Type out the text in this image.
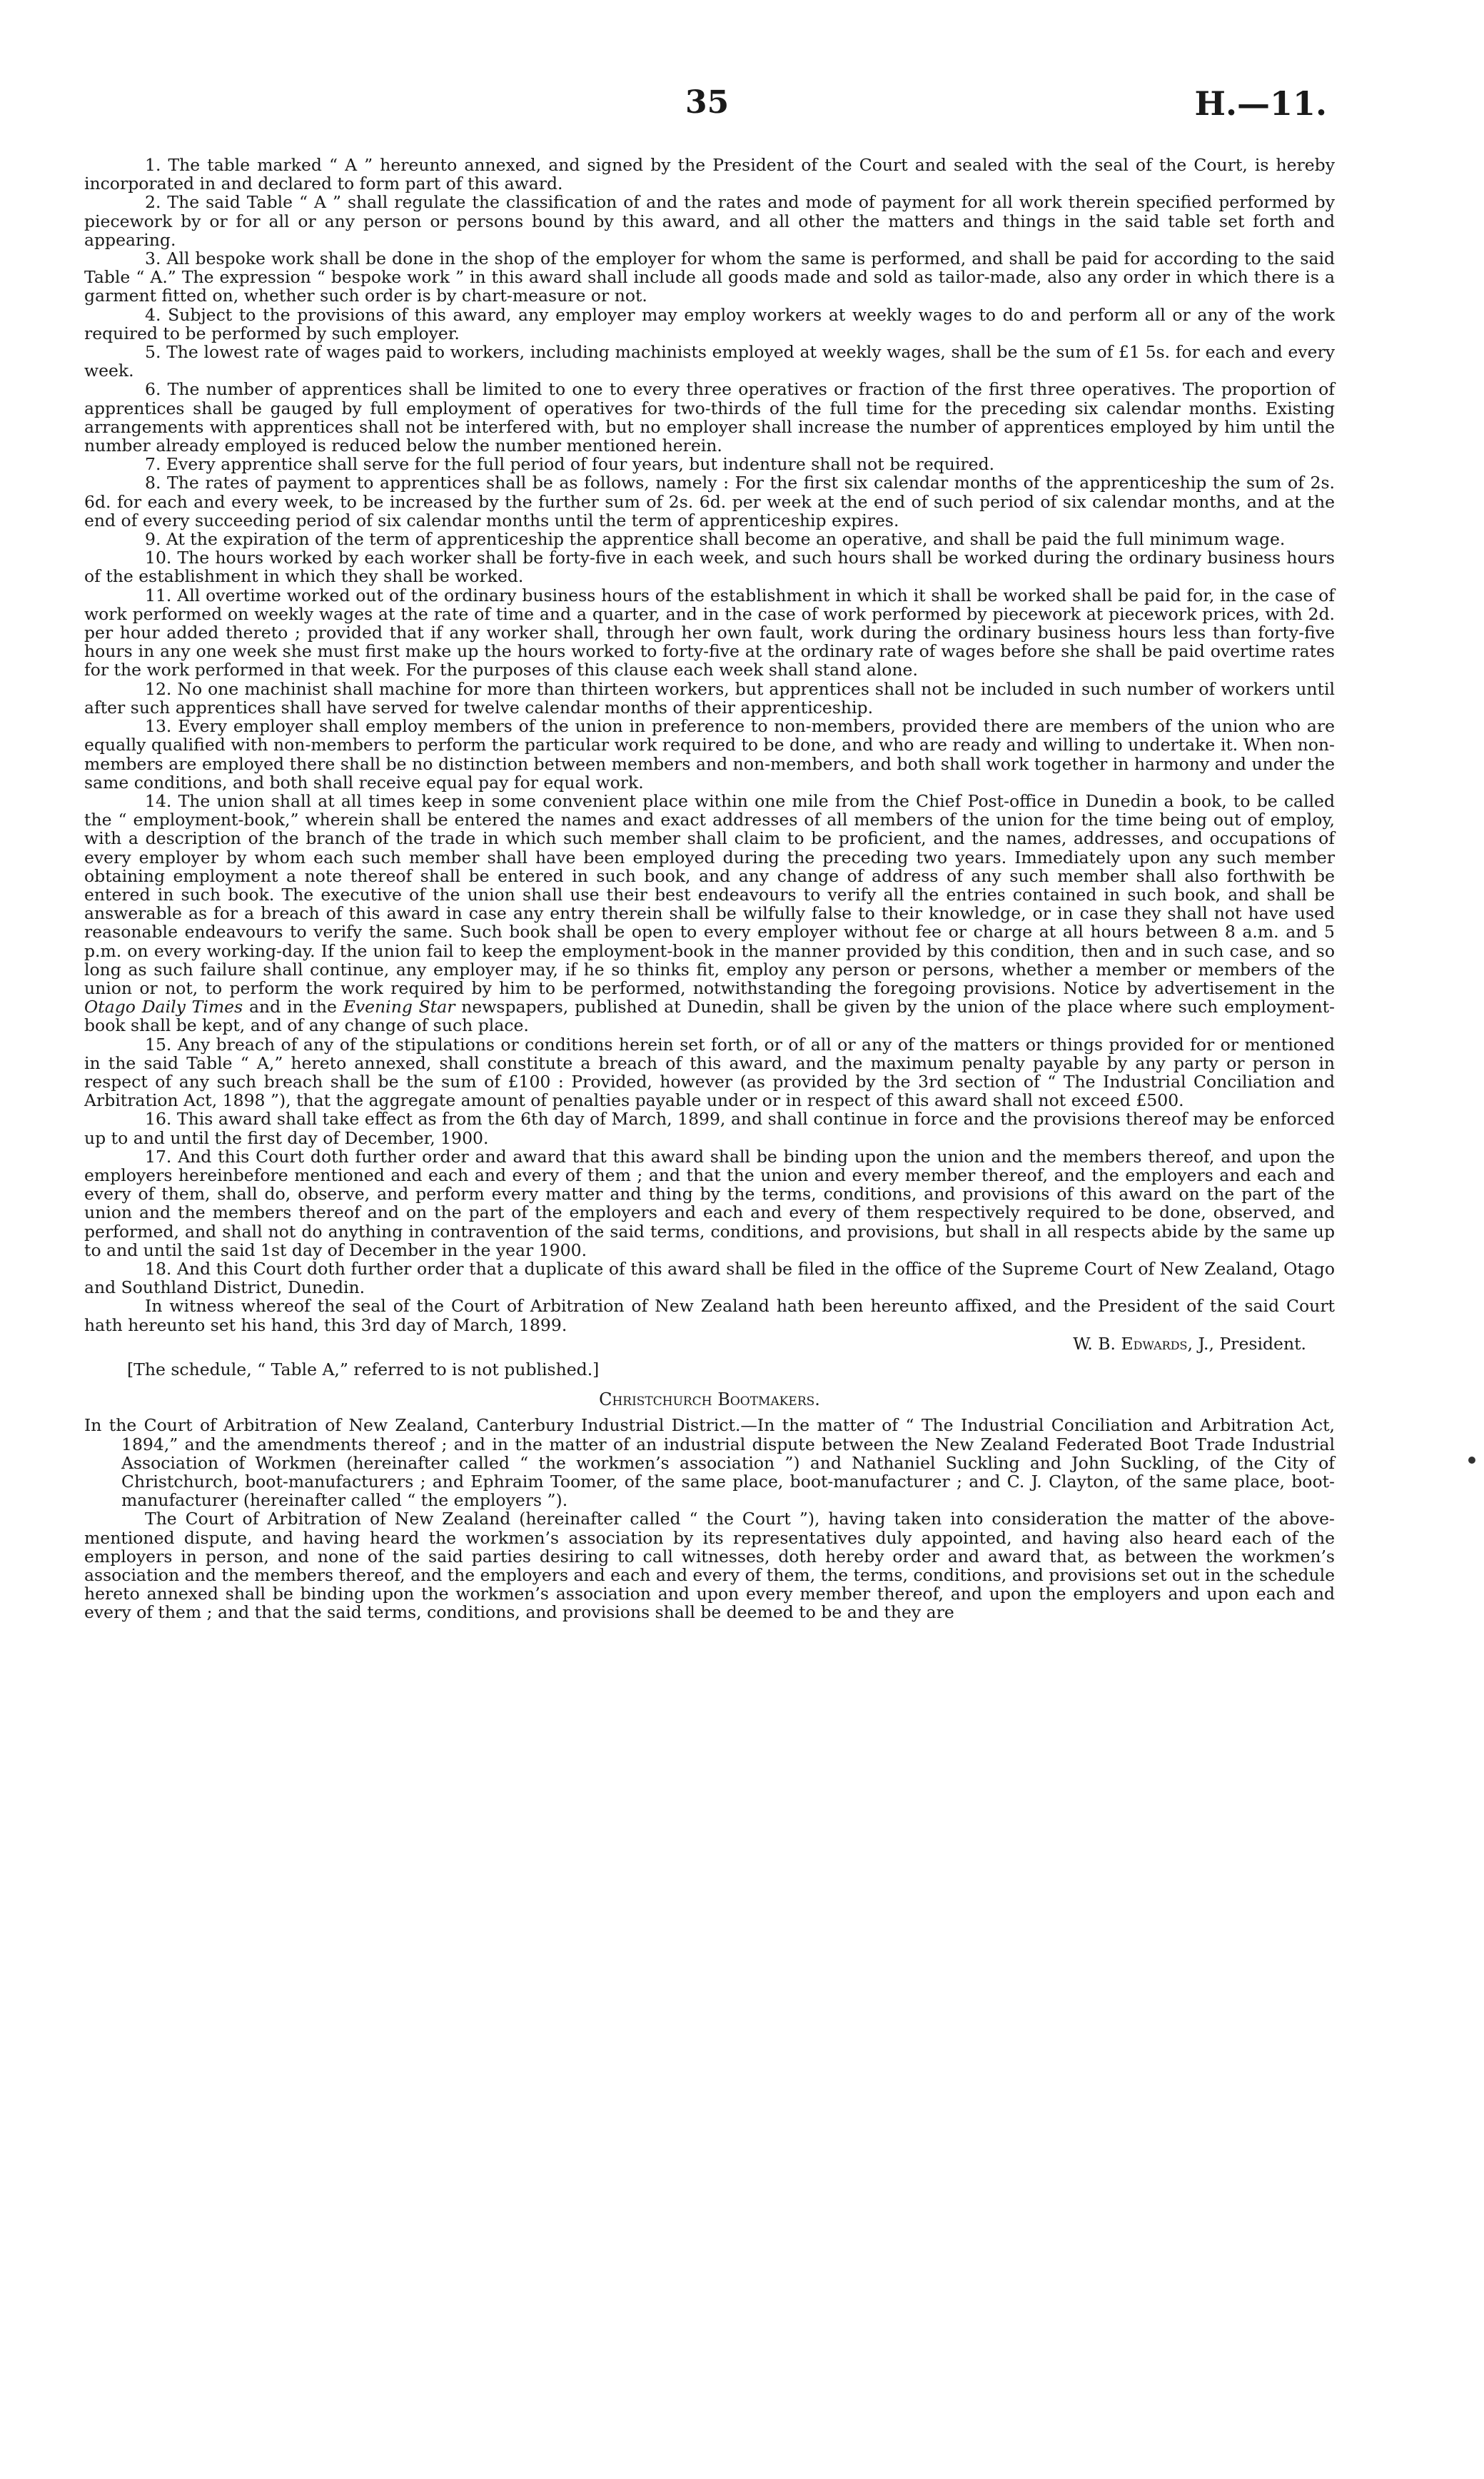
35	H.—11.

1. The table marked “ A ” hereunto annexed, and signed by the President of the Court and sealed with the seal of the Court, is hereby incorporated in and declared to form part of this award.

2. The said Table “ A ” shall regulate the classification of and the rates and mode of payment for all work therein specified performed by piecework by or for all or any person or persons bound by this award, and all other the matters and things in the said table set forth and appearing.

3. All bespoke work shall be done in the shop of the employer for whom the same is performed, and shall be paid for according to the said Table “ A.” The expression “ bespoke work ” in this award shall include all goods made and sold as tailor-made, also any order in which there is a garment fitted on, whether such order is by chart-measure or not.

4. Subject to the provisions of this award, any employer may employ workers at weekly wages to do and perform all or any of the work required to be performed by such employer.

5. The lowest rate of wages paid to workers, including machinists employed at weekly wages, shall be the sum of £1 5s. for each and every week.

6. The number of apprentices shall be limited to one to every three operatives or fraction of the first three operatives. The proportion of apprentices shall be gauged by full employment of operatives for two-thirds of the full time for the preceding six calendar months. Existing arrangements with apprentices shall not be interfered with, but no employer shall increase the number of apprentices employed by him until the number already employed is reduced below the number mentioned herein.

7. Every apprentice shall serve for the full period of four years, but indenture shall not be required.

8. The rates of payment to apprentices shall be as follows, namely : For the first six calendar months of the apprenticeship the sum of 2s. 6d. for each and every week, to be increased by the further sum of 2s. 6d. per week at the end of such period of six calendar months, and at the end of every succeeding period of six calendar months until the term of apprenticeship expires.

9. At the expiration of the term of apprenticeship the apprentice shall become an operative, and shall be paid the full minimum wage.

10. The hours worked by each worker shall be forty-five in each week, and such hours shall be worked during the ordinary business hours of the establishment in which they shall be worked.

11. All overtime worked out of the ordinary business hours of the establishment in which it shall be worked shall be paid for, in the case of work performed on weekly wages at the rate of time and a quarter, and in the case of work performed by piecework at piecework prices, with 2d. per hour added thereto ; provided that if any worker shall, through her own fault, work during the ordinary business hours less than forty-five hours in any one week she must first make up the hours worked to forty-five at the ordinary rate of wages before she shall be paid overtime rates for the work performed in that week. For the purposes of this clause each week shall stand alone.

12. No one machinist shall machine for more than thirteen workers, but apprentices shall not be included in such number of workers until after such apprentices shall have served for twelve calendar months of their apprenticeship.

13. Every employer shall employ members of the union in preference to non-members, provided there are members of the union who are equally qualified with non-members to perform the particular work required to be done, and who are ready and willing to undertake it. When non-members are employed there shall be no distinction between members and non-members, and both shall work together in harmony and under the same conditions, and both shall receive equal pay for equal work.

14. The union shall at all times keep in some convenient place within one mile from the Chief Post-office in Dunedin a book, to be called the “ employment-book,” wherein shall be entered the names and exact addresses of all members of the union for the time being out of employ, with a description of the branch of the trade in which such member shall claim to be proficient, and the names, addresses, and occupations of every employer by whom each such member shall have been employed during the preceding two years. Immediately upon any such member obtaining employment a note thereof shall be entered in such book, and any change of address of any such member shall also forthwith be entered in such book. The executive of the union shall use their best endeavours to verify all the entries contained in such book, and shall be answerable as for a breach of this award in case any entry therein shall be wilfully false to their knowledge, or in case they shall not have used reasonable endeavours to verify the same. Such book shall be open to every employer without fee or charge at all hours between 8 a.m. and 5 p.m. on every working-day. If the union fail to keep the employment-book in the manner provided by this condition, then and in such case, and so long as such failure shall continue, any employer may, if he so thinks fit, employ any person or persons, whether a member or members of the union or not, to perform the work required by him to be performed, notwithstanding the foregoing provisions. Notice by advertisement in the Otago Daily Times and in the Evening Star newspapers, published at Dunedin, shall be given by the union of the place where such employment-book shall be kept, and of any change of such place.

15. Any breach of any of the stipulations or conditions herein set forth, or of all or any of the matters or things provided for or mentioned in the said Table “ A,” hereto annexed, shall constitute a breach of this award, and the maximum penalty payable by any party or person in respect of any such breach shall be the sum of £100 : Provided, however (as provided by the 3rd section of “ The Industrial Conciliation and Arbitration Act, 1898 ”), that the aggregate amount of penalties payable under or in respect of this award shall not exceed £500.

16. This award shall take effect as from the 6th day of March, 1899, and shall continue in force and the provisions thereof may be enforced up to and until the first day of December, 1900.

17. And this Court doth further order and award that this award shall be binding upon the union and the members thereof, and upon the employers hereinbefore mentioned and each and every of them ; and that the union and every member thereof, and the employers and each and every of them, shall do, observe, and perform every matter and thing by the terms, conditions, and provisions of this award on the part of the union and the members thereof and on the part of the employers and each and every of them respectively required to be done, observed, and performed, and shall not do anything in contravention of the said terms, conditions, and provisions, but shall in all respects abide by the same up to and until the said 1st day of December in the year 1900.

18. And this Court doth further order that a duplicate of this award shall be filed in the office of the Supreme Court of New Zealand, Otago and Southland District, Dunedin.

In witness whereof the seal of the Court of Arbitration of New Zealand hath been hereunto affixed, and the President of the said Court hath hereunto set his hand, this 3rd day of March, 1899.

W. B. Edwards, J., President.

[The schedule, “ Table A,” referred to is not published.]

Christchurch Bootmakers.

In the Court of Arbitration of New Zealand, Canterbury Industrial District.—In the matter of “ The Industrial Conciliation and Arbitration Act, 1894,” and the amendments thereof ; and in the matter of an industrial dispute between the New Zealand Federated Boot Trade Industrial Association of Workmen (hereinafter called “ the workmen’s association ”) and Nathaniel Suckling and John Suckling, of the City of Christchurch, boot-manufacturers ; and Ephraim Toomer, of the same place, boot-manufacturer ; and C. J. Clayton, of the same place, boot-manufacturer (hereinafter called “ the employers ”).

The Court of Arbitration of New Zealand (hereinafter called “ the Court ”), having taken into consideration the matter of the above-mentioned dispute, and having heard the workmen’s association by its representatives duly appointed, and having also heard each of the employers in person, and none of the said parties desiring to call witnesses, doth hereby order and award that, as between the workmen’s association and the members thereof, and the employers and each and every of them, the terms, conditions, and provisions set out in the schedule hereto annexed shall be binding upon the workmen’s association and upon every member thereof, and upon the employers and upon each and every of them ; and that the said terms, conditions, and provisions shall be deemed to be and they are
